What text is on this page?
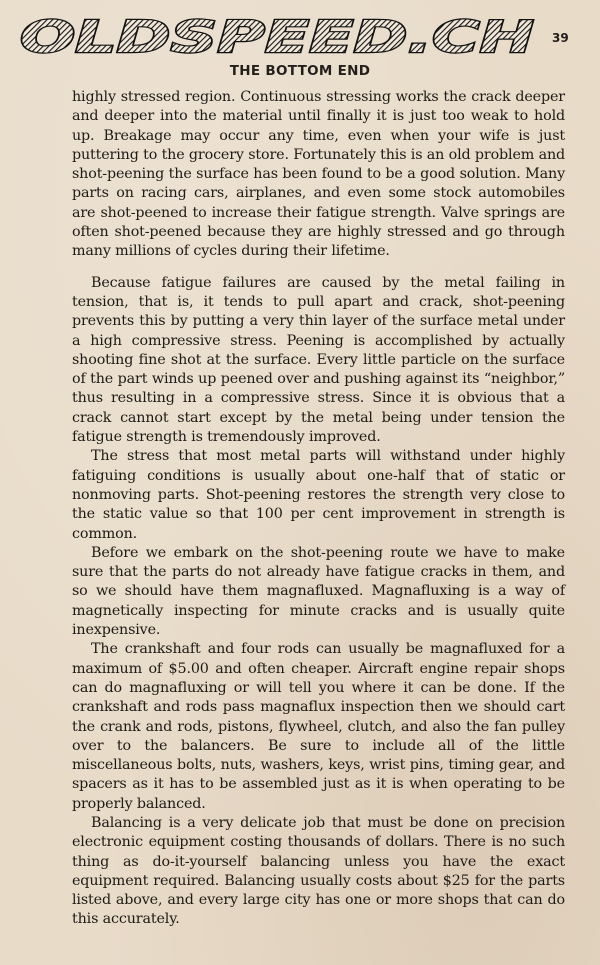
OLDSPEED.CH 39
THE BOTTOM END

highly stressed region. Continuous stressing works the crack deeper and deeper into the material until finally it is just too weak to hold up. Breakage may occur any time, even when your wife is just puttering to the grocery store. Fortunately this is an old problem and shot-peening the surface has been found to be a good solution. Many parts on racing cars, airplanes, and even some stock automobiles are shot-peened to increase their fatigue strength. Valve springs are often shot-peened because they are highly stressed and go through many millions of cycles during their lifetime.

Because fatigue failures are caused by the metal failing in tension, that is, it tends to pull apart and crack, shot-peening prevents this by putting a very thin layer of the surface metal under a high compressive stress. Peening is accomplished by actually shooting fine shot at the surface. Every little particle on the surface of the part winds up peened over and pushing against its “neighbor,” thus resulting in a compressive stress. Since it is obvious that a crack cannot start except by the metal being under tension the fatigue strength is tremendously improved.

The stress that most metal parts will withstand under highly fatiguing conditions is usually about one-half that of static or nonmoving parts. Shot-peening restores the strength very close to the static value so that 100 per cent improvement in strength is common.

Before we embark on the shot-peening route we have to make sure that the parts do not already have fatigue cracks in them, and so we should have them magnafluxed. Magnafluxing is a way of magnetically inspecting for minute cracks and is usually quite inexpensive.

The crankshaft and four rods can usually be magnafluxed for a maximum of $5.00 and often cheaper. Aircraft engine repair shops can do magnafluxing or will tell you where it can be done. If the crankshaft and rods pass magnaflux inspection then we should cart the crank and rods, pistons, flywheel, clutch, and also the fan pulley over to the balancers. Be sure to include all of the little miscellaneous bolts, nuts, washers, keys, wrist pins, timing gear, and spacers as it has to be assembled just as it is when operating to be properly balanced.

Balancing is a very delicate job that must be done on precision electronic equipment costing thousands of dollars. There is no such thing as do-it-yourself balancing unless you have the exact equipment required. Balancing usually costs about $25 for the parts listed above, and every large city has one or more shops that can do this accurately.
